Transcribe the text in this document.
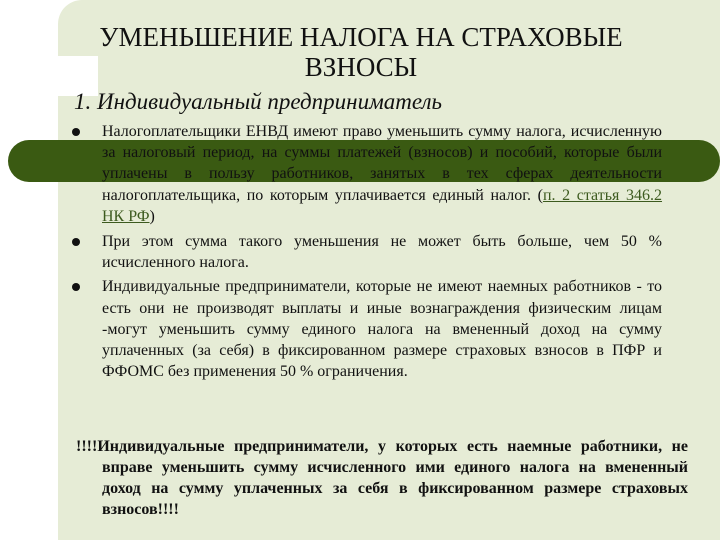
УМЕНЬШЕНИЕ НАЛОГА НА СТРАХОВЫЕ ВЗНОСЫ

1. Индивидуальный предприниматель

Налогоплательщики ЕНВД имеют право уменьшить сумму налога, исчисленную за налоговый период, на суммы платежей (взносов) и пособий, которые были уплачены в пользу работников, занятых в тех сферах деятельности налогоплательщика, по которым уплачивается единый налог. (п. 2 статья 346.2 НК РФ)
При этом сумма такого уменьшения не может быть больше, чем 50 % исчисленного налога.
Индивидуальные предприниматели, которые не имеют наемных работников - то есть они не производят выплаты и иные вознаграждения физическим лицам -могут уменьшить сумму единого налога на вмененный доход на сумму уплаченных (за себя) в фиксированном размере страховых взносов в ПФР и ФФОМС без применения 50 % ограничения.

!!!!Индивидуальные предприниматели, у которых есть наемные работники, не вправе уменьшить сумму исчисленного ими единого налога на вмененный доход на сумму уплаченных за себя в фиксированном размере страховых взносов!!!!
